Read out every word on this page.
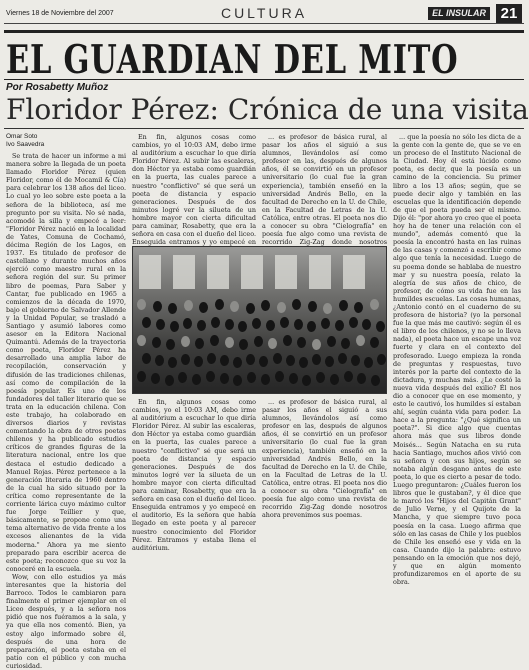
Viernes 18 de Noviembre del 2007	CULTURA	EL INSULAR 21
EL GUARDIAN DEL MITO
Por Rosabetty Muñoz
Floridor Pérez: Crónica de una visita
Omar Soto
Ivo Saavedra

Se trata de hacer un informe a mi manera sobre la llegada de un poeta llamado Floridor Pérez (quien Floridor, como él de Mocamil & Cía) para celebrar los 138 años del liceo. Lo cual yo leo sobre este poeta a la señora de la biblioteca, así me pregunto por su visita. No sé nada, acomodé la silla y empecé a leer: "Floridor Pérez nació en la localidad de Yates, Comuna de Cochamó, décima Región de los Lagos, en 1937. Es titulado de profesor de castellano y durante muchos años ejerció como maestro rural en la señora región del sur. Su primer libro de poemas, Para Saber y Cantar, fue publicado en 1965 a comienzos de la década de 1970, bajo el gobierno de Salvador Allende y la Unidad Popular, se trasladó a Santiago y asumió labores como asesor en la Editora Nacional Quimantú. Además de la trayectoria como poeta, Floridor Pérez ha desarrollado una amplia labor de recopilación, conservación y difusión de las tradiciones chilenas, así como de compilación de la poesía popular. Es uno de los fundadores del taller literario que se trata en la educación chilena. Con este trabajo, ha colaborado en diversos diarios y revistas comentando la obra de otros poetas chilenos y ha publicado estudios críticos de grandes figuras de la literatura nacional, entre los que destaca el estudio dedicado a Manuel Rojas. Pérez pertenece a la generación literaria de 1960 dentro de la cual ha sido situado por la crítica como representante de la corriente lárica cuyo máximo cultor fue Jorge Teillier y que, básicamente, se propone como una tema alternativo de vida frente a los excesos alienantes de la vida moderna." Ahora ya me siento preparado para escribir acerca de este poeta; reconozco que su voz la conoceré en la escuela.

Wow, con ello estudios ya más interesantes que la historia del Barroco. Todos le cambiaron para finalmente el primer ejemplar en el Liceo después, y a la señora nos pidió que nos fuéramos a la sala, y ya que ella nos comentó. Bien, ya estoy algo informado sobre él, después de una hora de preparación, el poeta estaba en el patio con el público y con mucha curiosidad.

En fin, algunos cosas como cambios, yo el 10:03 AM, debo irme al auditórium a escuchar lo que diría Floridor Pérez. Al subir las escaleras, don Héctor ya estaba como guardián en la puerta, las cuales parece a nuestro "conflictivo" sé que será un poeta de distancia y espacio generaciones. Después de dos minutos logré ver la silueta de un hombre mayor con cierta dificultad para caminar, Rosabetty, que era la señora en casa con el dueño del liceo. Enseguida entramos y yo empecé en

... es profesor de básica rural, al pasar los años el siguió a sus alumnos, llevándolos así como profesor en las, después de algunos años, él se convirtió en un profesor universitario (lo cual fue la gran experiencia), también enseñó en la universidad Andrés Bello, en la facultad de Derecho en la U. de Chile, en la Facultad de Letras de la U. Católica, entre otras. El poeta nos dio a conocer su obra "Cielografía" en poesía fue algo como una revista de recorrido Zig-Zag donde nosotros

En fin, algunos cosas como cambios, yo el 10:03 AM, debo irme al auditórium a escuchar lo que diría Floridor Pérez. Al subir las escaleras, don Héctor ya estaba como guardián en la puerta, las cuales parece a nuestro "conflictivo" sé que será un poeta de distancia y espacio generaciones. Después de dos minutos logré ver la silueta de un hombre mayor con cierta dificultad para caminar, Rosabetty, que era la señora en casa con el dueño del liceo. Enseguida entramos y yo empecé en el auditorio, Es la señora que había llegado en este poeta y al parecer nuestro conocimiento del Floridor Pérez. Entramos y estaba llena el auditórium.

... es profesor de básica rural, al pasar los años el siguió a sus alumnos, llevándolos así como profesor en las, después de algunos años, él se convirtió en un profesor universitario (lo cual fue la gran experiencia), también enseñó en la universidad Andrés Bello, en la facultad de Derecho en la U. de Chile, en la Facultad de Letras de la U. Católica, entre otras. El poeta nos dio a conocer su obra "Cielografía" en poesía fue algo como una revista de recorrido Zig-Zag donde nosotros ahora prevenimos sus poemas.

... que la poesía no sólo les dicta de a la gente con la gente de, que se ve en un proceso de el Instituto Nacional de la Ciudad. Hoy él está lúcido como poeta, es decir, que la poesía es un camino de la conciencia. Su primer libro a los 13 años; según, que se puede decir algo y también en las escuelas que la identificación depende de que el poeta pueda ser el mismo. Dijo él: "por ahora yo creo que el poeta hoy ha de tener una relación con el mundo", además comentó que la poesía la encontró hasta en las ruinas de las casas y comenzó a escribir como algo que tenía la necesidad. Luego de su poema donde se hablaba de nuestro mar y su nuestra poesía, relato la alegría de sus años de chico, de profesor, de cómo su vida fue en las humildes escuelas. Las cosas humanas, ¿Antonio contó en el cuaderno de su profesora de historia? (yo la personal fue la que más me cautivó: según él es el libro de los chilenos, y no se lo lleva nada), el poeta hace un escape una voz fuerte y clara en el contexto del profesorado. Luego empieza la ronda de preguntas y respuestas, tuvo interés por la parte del contexto de la dictadura, y muchas más. ¿Le costó la nueva vida después del exilio? Él nos dio a conocer que en ese momento, y esto le cautivó, los humildes sí estaban ahí, según cuánta vida para poder. La hace a la pregunta: "¿Qué significa un poeta?". Si dice algo que cuentas ahora más que sus libros donde Moisés... Según Natacha en su ruta hacia Santiago, muchos años vivió con su señora y con sus hijos, según se notaba algún desgano antes de este poeta, lo que es cierto a pesar de todo. Luego preguntaron: ¿Cuáles fueron los libros que le gustaban?, y él dice que le marcó los "Hijos del Capitán Grant" de Julio Verne, y el Quijote de la Mancha, y que siempre tuvo poca poesía en la casa. Luego afirma que sólo en las casas de Chile y los pueblos de Chile les enseñó ese y vida en la casa. Cuando dijo la palabra: estuvo pensando en la emoción que nos dejó, y que en algún momento profundizaremos en el aporte de su obra.
